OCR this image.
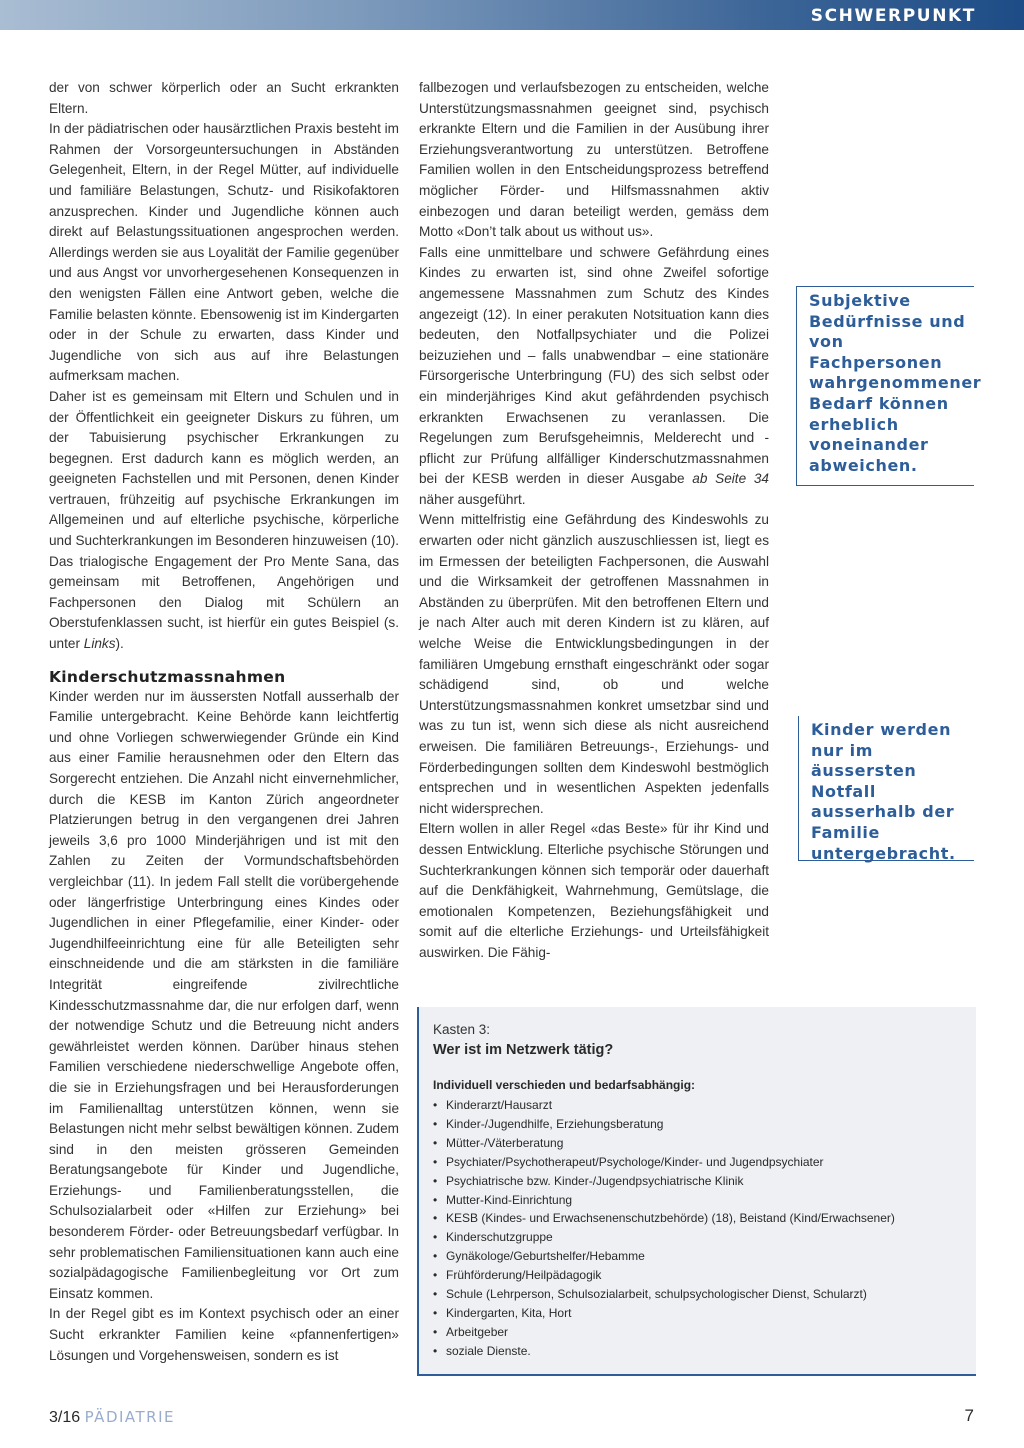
SCHWERPUNKT

der von schwer körperlich oder an Sucht erkrankten Eltern.

In der pädiatrischen oder hausärztlichen Praxis besteht im Rahmen der Vorsorgeuntersuchungen in Abständen Gelegenheit, Eltern, in der Regel Mütter, auf individuelle und familiäre Belastungen, Schutz- und Risikofaktoren anzusprechen. Kinder und Jugendliche können auch direkt auf Belastungssituationen angesprochen werden. Allerdings werden sie aus Loyalität der Familie gegenüber und aus Angst vor unvorhergesehenen Konsequenzen in den wenigsten Fällen eine Antwort geben, welche die Familie belasten könnte. Ebensowenig ist im Kindergarten oder in der Schule zu erwarten, dass Kinder und Jugendliche von sich aus auf ihre Belastungen aufmerksam machen.

Daher ist es gemeinsam mit Eltern und Schulen und in der Öffentlichkeit ein geeigneter Diskurs zu führen, um der Tabuisierung psychischer Erkrankungen zu begegnen. Erst dadurch kann es möglich werden, an geeigneten Fachstellen und mit Personen, denen Kinder vertrauen, frühzeitig auf psychische Erkrankungen im Allgemeinen und auf elterliche psychische, körperliche und Suchterkrankungen im Besonderen hinzuweisen (10). Das trialogische Engagement der Pro Mente Sana, das gemeinsam mit Betroffenen, Angehörigen und Fachpersonen den Dialog mit Schülern an Oberstufenklassen sucht, ist hierfür ein gutes Beispiel (s. unter Links).

Kinderschutzmassnahmen

Kinder werden nur im äussersten Notfall ausserhalb der Familie untergebracht. Keine Behörde kann leichtfertig und ohne Vorliegen schwerwiegender Gründe ein Kind aus einer Familie herausnehmen oder den Eltern das Sorgerecht entziehen. Die Anzahl nicht einvernehmlicher, durch die KESB im Kanton Zürich angeordneter Platzierungen betrug in den vergangenen drei Jahren jeweils 3,6 pro 1000 Minderjährigen und ist mit den Zahlen zu Zeiten der Vormundschaftsbehörden vergleichbar (11). In jedem Fall stellt die vorübergehende oder längerfristige Unterbringung eines Kindes oder Jugendlichen in einer Pflegefamilie, einer Kinder- oder Jugendhilfeeinrichtung eine für alle Beteiligten sehr einschneidende und die am stärksten in die familiäre Integrität eingreifende zivilrechtliche Kindesschutzmassnahme dar, die nur erfolgen darf, wenn der notwendige Schutz und die Betreuung nicht anders gewährleistet werden können. Darüber hinaus stehen Familien verschiedene niederschwellige Angebote offen, die sie in Erziehungsfragen und bei Herausforderungen im Familienalltag unterstützen können, wenn sie Belastungen nicht mehr selbst bewältigen können. Zudem sind in den meisten grösseren Gemeinden Beratungsangebote für Kinder und Jugendliche, Erziehungs- und Familienberatungsstellen, die Schulsozialarbeit oder «Hilfen zur Erziehung» bei besonderem Förder- oder Betreuungsbedarf verfügbar. In sehr problematischen Familiensituationen kann auch eine sozialpädagogische Familienbegleitung vor Ort zum Einsatz kommen.

In der Regel gibt es im Kontext psychisch oder an einer Sucht erkrankter Familien keine «pfannenfertigen» Lösungen und Vorgehensweisen, sondern es ist

fallbezogen und verlaufsbezogen zu entscheiden, welche Unterstützungsmassnahmen geeignet sind, psychisch erkrankte Eltern und die Familien in der Ausübung ihrer Erziehungsverantwortung zu unterstützen. Betroffene Familien wollen in den Entscheidungsprozess betreffend möglicher Förder- und Hilfsmassnahmen aktiv einbezogen und daran beteiligt werden, gemäss dem Motto «Don’t talk about us without us».

Falls eine unmittelbare und schwere Gefährdung eines Kindes zu erwarten ist, sind ohne Zweifel sofortige angemessene Massnahmen zum Schutz des Kindes angezeigt (12). In einer perakuten Notsituation kann dies bedeuten, den Notfallpsychiater und die Polizei beizuziehen und – falls unabwendbar – eine stationäre Fürsorgerische Unterbringung (FU) des sich selbst oder ein minderjähriges Kind akut gefährdenden psychisch erkrankten Erwachsenen zu veranlassen. Die Regelungen zum Berufsgeheimnis, Melderecht und -pflicht zur Prüfung allfälliger Kinderschutzmassnahmen bei der KESB werden in dieser Ausgabe ab Seite 34 näher ausgeführt.

Wenn mittelfristig eine Gefährdung des Kindeswohls zu erwarten oder nicht gänzlich auszuschliessen ist, liegt es im Ermessen der beteiligten Fachpersonen, die Auswahl und die Wirksamkeit der getroffenen Massnahmen in Abständen zu überprüfen. Mit den betroffenen Eltern und je nach Alter auch mit deren Kindern ist zu klären, auf welche Weise die Entwicklungsbedingungen in der familiären Umgebung ernsthaft eingeschränkt oder sogar schädigend sind, ob und welche Unterstützungsmassnahmen konkret umsetzbar sind und was zu tun ist, wenn sich diese als nicht ausreichend erweisen. Die familiären Betreuungs-, Erziehungs- und Förderbedingungen sollten dem Kindeswohl bestmöglich entsprechen und in wesentlichen Aspekten jedenfalls nicht widersprechen.

Eltern wollen in aller Regel «das Beste» für ihr Kind und dessen Entwicklung. Elterliche psychische Störungen und Suchterkrankungen können sich temporär oder dauerhaft auf die Denkfähigkeit, Wahrnehmung, Gemütslage, die emotionalen Kompetenzen, Beziehungsfähigkeit und somit auf die elterliche Erziehungs- und Urteilsfähigkeit auswirken. Die Fähig-

Subjektive Bedürfnisse und von Fachpersonen wahrgenommener Bedarf können erheblich voneinander abweichen.
Kinder werden nur im äussersten Notfall ausserhalb der Familie untergebracht.
Kasten 3:
Wer ist im Netzwerk tätig?
Individuell verschieden und bedarfsabhängig:
• Kinderarzt/Hausarzt
• Kinder-/Jugendhilfe, Erziehungsberatung
• Mütter-/Väterberatung
• Psychiater/Psychotherapeut/Psychologe/Kinder- und Jugendpsychiater
• Psychiatrische bzw. Kinder-/Jugendpsychiatrische Klinik
• Mutter-Kind-Einrichtung
• KESB (Kindes- und Erwachsenenschutzbehörde) (18), Beistand (Kind/Erwachsener)
• Kinderschutzgruppe
• Gynäkologe/Geburtshelfer/Hebamme
• Frühförderung/Heilpädagogik
• Schule (Lehrperson, Schulsozialarbeit, schulpsychologischer Dienst, Schularzt)
• Kindergarten, Kita, Hort
• Arbeitgeber
• soziale Dienste.
3/16 PÄDIATRIE	7
